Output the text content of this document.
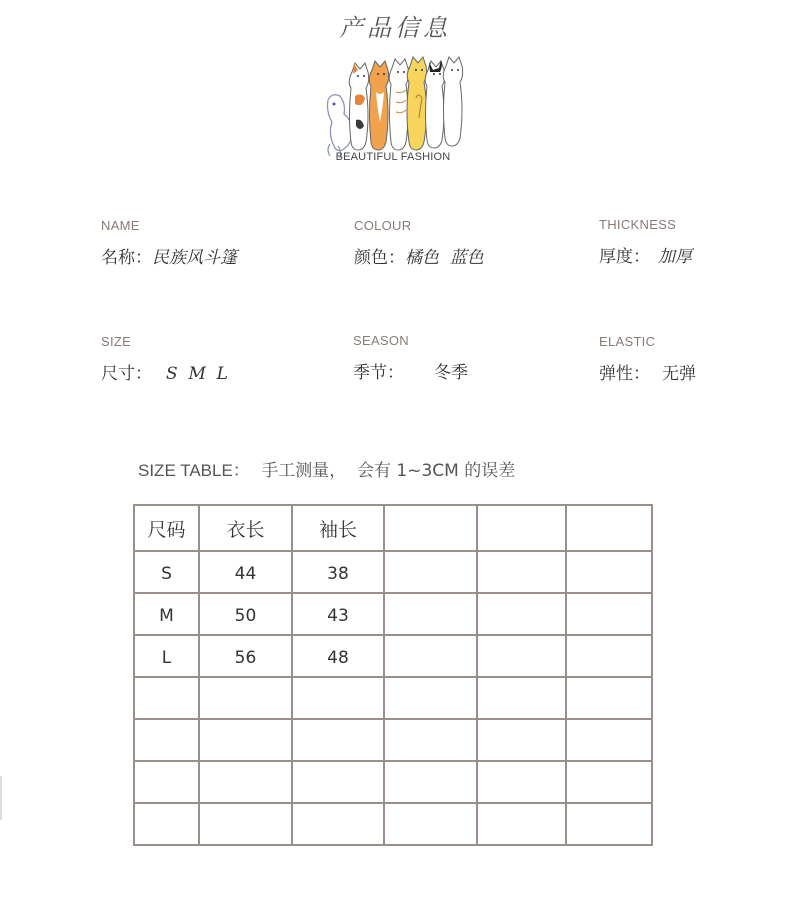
产品信息
BEAUTIFUL FASHION
NAME
名称：民族风斗篷
COLOUR
颜色：橘色  蓝色
THICKNESS
厚度： 加厚
SIZE
尺寸： S  M  L
SEASON
季节： 冬季
ELASTIC
弹性： 无弹
SIZE TABLE： 手工测量，  会有 1~3CM 的误差
尺码	衣长	袖长			
S	44	38			
M	50	43			
L	56	48			
